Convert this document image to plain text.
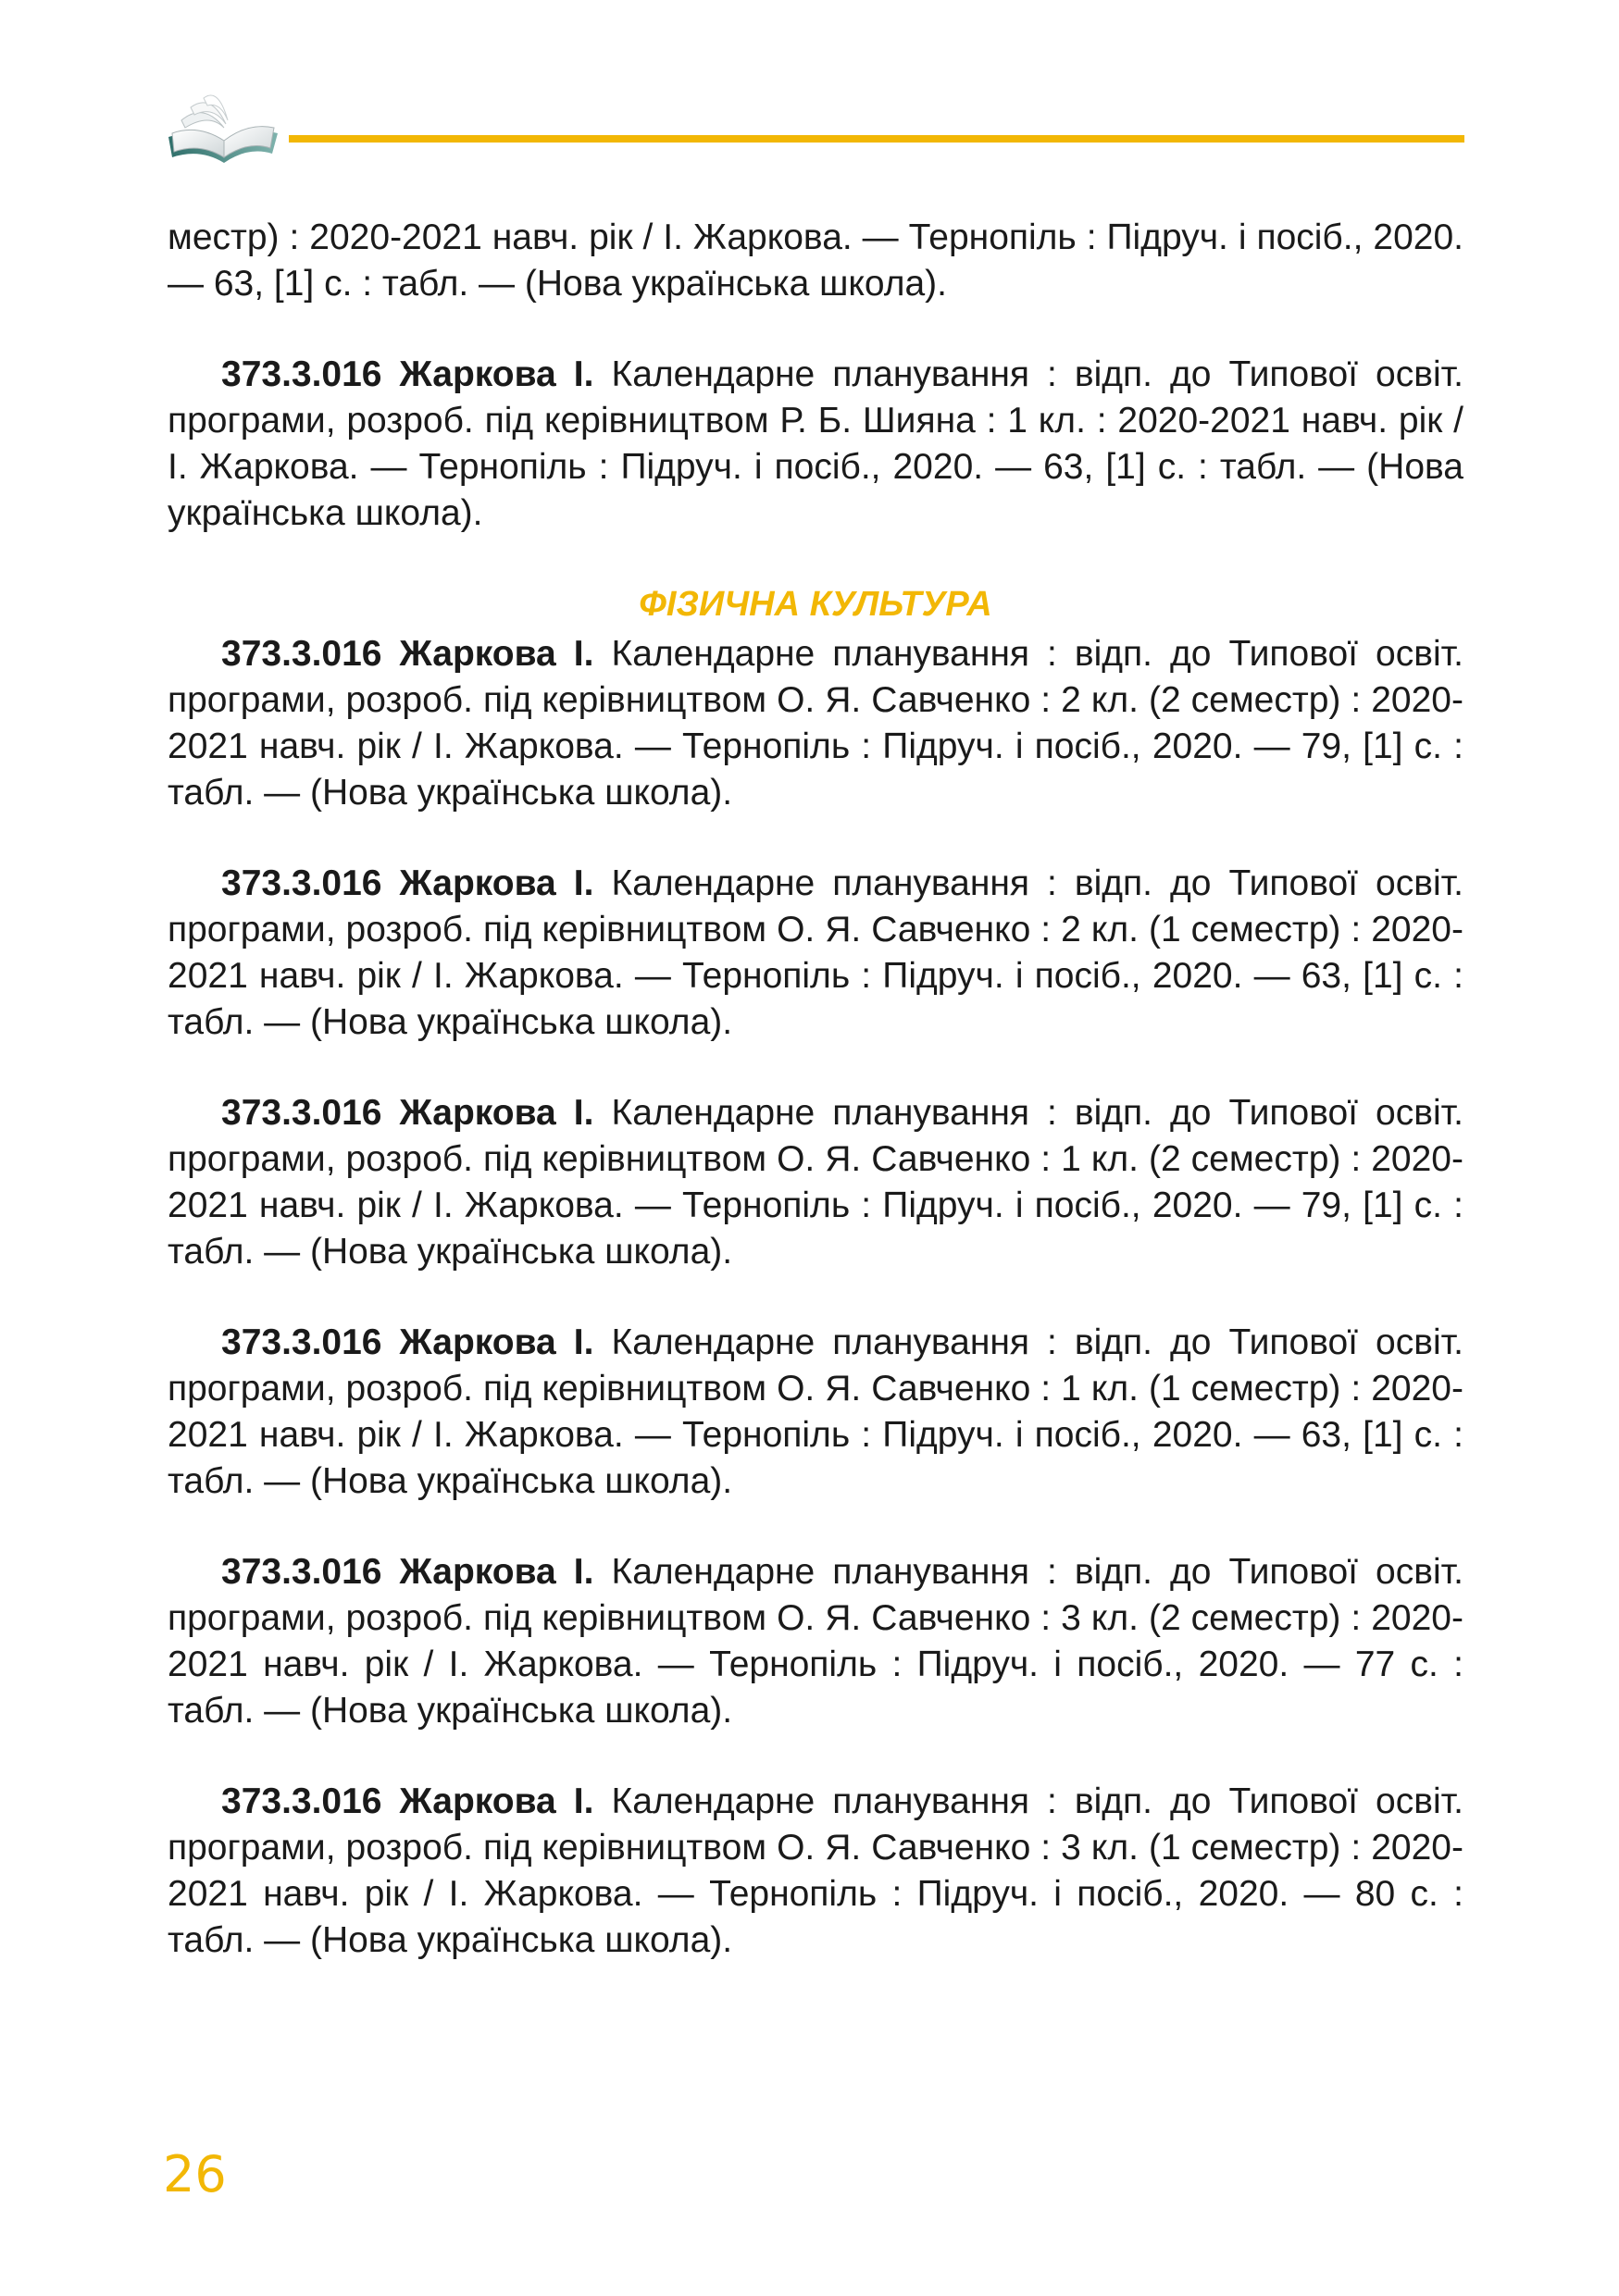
местр) : 2020-2021 навч. рік / І. Жаркова. — Тернопіль : Підруч. і посіб., 2020. — 63, [1] с. : табл. — (Нова українська школа).

373.3.016 Жаркова І. Календарне планування : відп. до Типової освіт. програми, розроб. під керівництвом Р. Б. Шияна : 1 кл. : 2020-2021 навч. рік / І. Жаркова. — Тернопіль : Підруч. і посіб., 2020. — 63, [1] с. : табл. — (Нова українська школа).

ФІЗИЧНА КУЛЬТУРА

373.3.016 Жаркова І. Календарне планування : відп. до Типової освіт. програми, розроб. під керівництвом О. Я. Савченко : 2 кл. (2 семестр) : 2020-2021 навч. рік / І. Жаркова. — Тернопіль : Підруч. і посіб., 2020. — 79, [1] с. : табл. — (Нова українська школа).

373.3.016 Жаркова І. Календарне планування : відп. до Типової освіт. програми, розроб. під керівництвом О. Я. Савченко : 2 кл. (1 семестр) : 2020-2021 навч. рік / І. Жаркова. — Тернопіль : Підруч. і посіб., 2020. — 63, [1] с. : табл. — (Нова українська школа).

373.3.016 Жаркова І. Календарне планування : відп. до Типової освіт. програми, розроб. під керівництвом О. Я. Савченко : 1 кл. (2 семестр) : 2020-2021 навч. рік / І. Жаркова. — Тернопіль : Підруч. і посіб., 2020. — 79, [1] с. : табл. — (Нова українська школа).

373.3.016 Жаркова І. Календарне планування : відп. до Типової освіт. програми, розроб. під керівництвом О. Я. Савченко : 1 кл. (1 семестр) : 2020-2021 навч. рік / І. Жаркова. — Тернопіль : Підруч. і посіб., 2020. — 63, [1] с. : табл. — (Нова українська школа).

373.3.016 Жаркова І. Календарне планування : відп. до Типової освіт. програми, розроб. під керівництвом О. Я. Савченко : 3 кл. (2 семестр) : 2020-2021 навч. рік / І. Жаркова. — Тернопіль : Підруч. і посіб., 2020. — 77 с. : табл. — (Нова українська школа).

373.3.016 Жаркова І. Календарне планування : відп. до Типової освіт. програми, розроб. під керівництвом О. Я. Савченко : 3 кл. (1 семестр) : 2020-2021 навч. рік / І. Жаркова. — Тернопіль : Підруч. і посіб., 2020. — 80 с. : табл. — (Нова українська школа).

26
